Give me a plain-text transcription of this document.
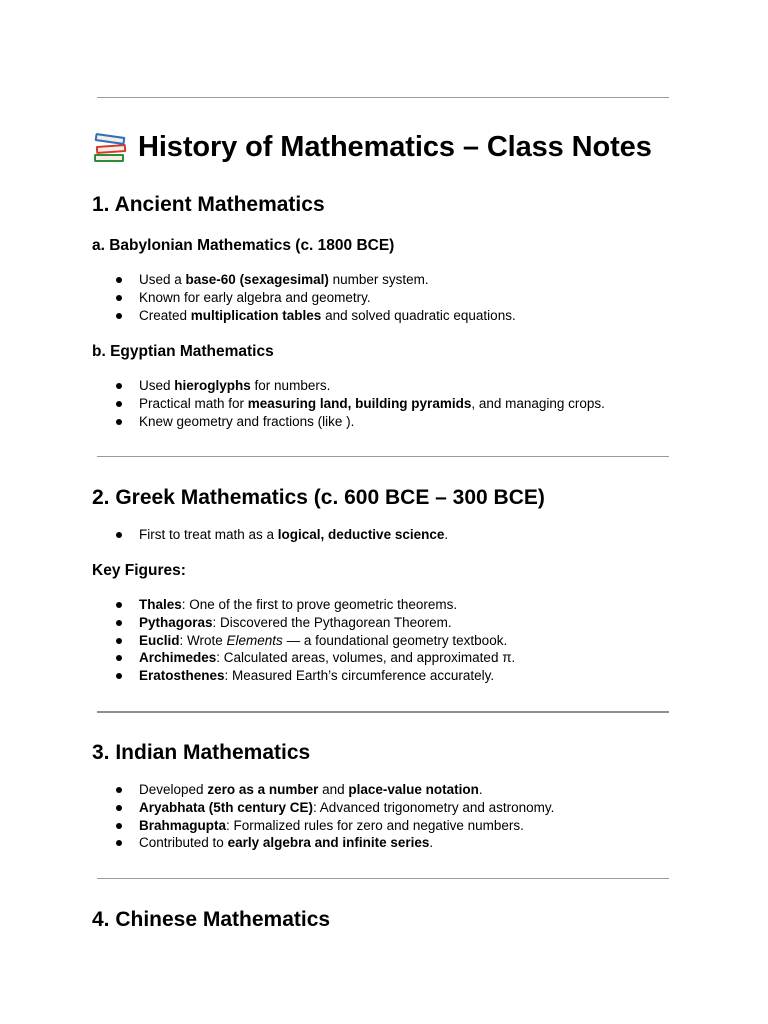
History of Mathematics – Class Notes
1. Ancient Mathematics
a. Babylonian Mathematics (c. 1800 BCE)
Used a base-60 (sexagesimal) number system.
Known for early algebra and geometry.
Created multiplication tables and solved quadratic equations.
b. Egyptian Mathematics
Used hieroglyphs for numbers.
Practical math for measuring land, building pyramids, and managing crops.
Knew geometry and fractions (like ).
2. Greek Mathematics (c. 600 BCE – 300 BCE)
First to treat math as a logical, deductive science.
Key Figures:
Thales: One of the first to prove geometric theorems.
Pythagoras: Discovered the Pythagorean Theorem.
Euclid: Wrote Elements — a foundational geometry textbook.
Archimedes: Calculated areas, volumes, and approximated π.
Eratosthenes: Measured Earth’s circumference accurately.
3. Indian Mathematics
Developed zero as a number and place-value notation.
Aryabhata (5th century CE): Advanced trigonometry and astronomy.
Brahmagupta: Formalized rules for zero and negative numbers.
Contributed to early algebra and infinite series.
4. Chinese Mathematics
